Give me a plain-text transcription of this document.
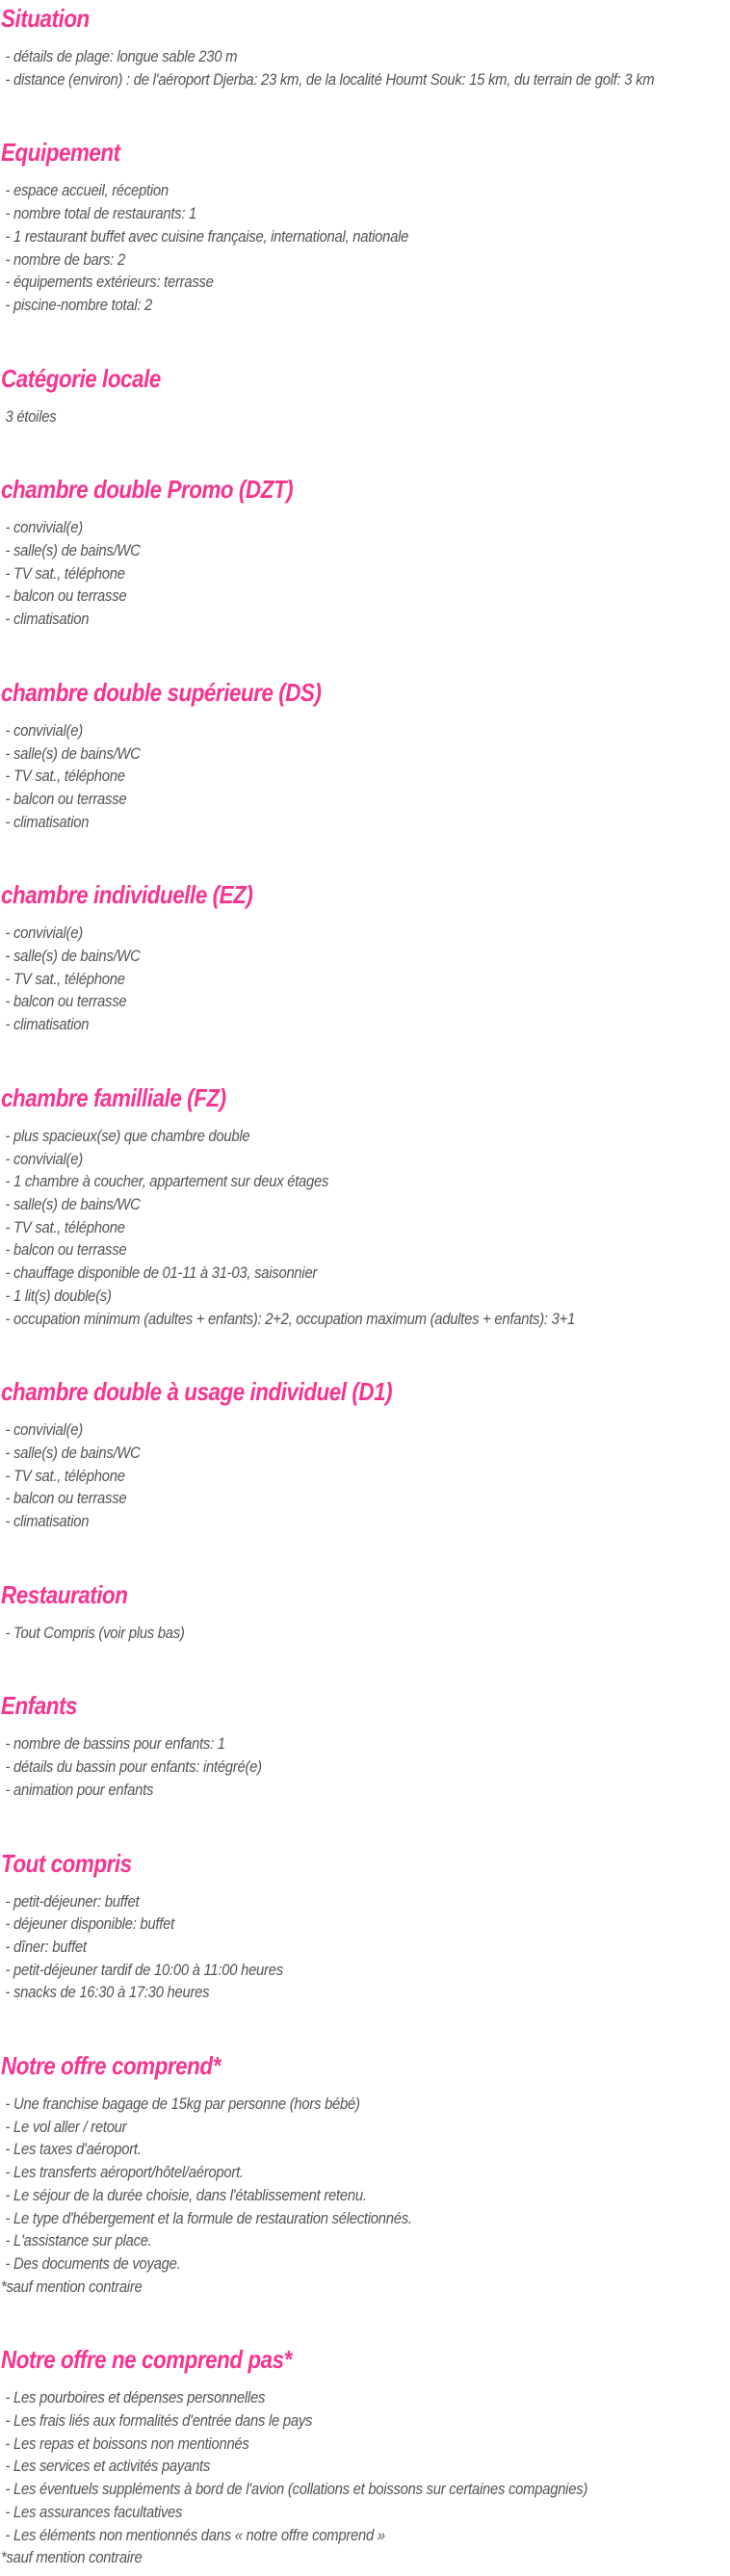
Situation

- détails de plage: longue sable 230 m

- distance (environ) : de l'aéroport Djerba: 23 km, de la localité Houmt Souk: 15 km, du terrain de golf: 3 km

Equipement

- espace accueil, réception

- nombre total de restaurants: 1

- 1 restaurant buffet avec cuisine française, international, nationale

- nombre de bars: 2

- équipements extérieurs: terrasse

- piscine-nombre total: 2

Catégorie locale

3 étoiles

chambre double Promo (DZT)

- convivial(e)

- salle(s) de bains/WC

- TV sat., téléphone

- balcon ou terrasse

- climatisation

chambre double supérieure (DS)

- convivial(e)

- salle(s) de bains/WC

- TV sat., téléphone

- balcon ou terrasse

- climatisation

chambre individuelle (EZ)

- convivial(e)

- salle(s) de bains/WC

- TV sat., téléphone

- balcon ou terrasse

- climatisation

chambre familliale (FZ)

- plus spacieux(se) que chambre double

- convivial(e)

- 1 chambre à coucher, appartement sur deux étages

- salle(s) de bains/WC

- TV sat., téléphone

- balcon ou terrasse

- chauffage disponible de 01-11 à 31-03, saisonnier

- 1 lit(s) double(s)

- occupation minimum (adultes + enfants): 2+2, occupation maximum (adultes + enfants): 3+1

chambre double à usage individuel (D1)

- convivial(e)

- salle(s) de bains/WC

- TV sat., téléphone

- balcon ou terrasse

- climatisation

Restauration

- Tout Compris (voir plus bas)

Enfants

- nombre de bassins pour enfants: 1

- détails du bassin pour enfants: intégré(e)

- animation pour enfants

Tout compris

- petit-déjeuner: buffet

- déjeuner disponible: buffet

- dîner: buffet

- petit-déjeuner tardif de 10:00 à 11:00 heures

- snacks de 16:30 à 17:30 heures

Notre offre comprend*

- Une franchise bagage de 15kg par personne (hors bébé)

- Le vol aller / retour

- Les taxes d'aéroport.

- Les transferts aéroport/hôtel/aéroport.

- Le séjour de la durée choisie, dans l'établissement retenu.

- Le type d'hébergement et la formule de restauration sélectionnés.

- L'assistance sur place.

- Des documents de voyage.

*sauf mention contraire

Notre offre ne comprend pas*

- Les pourboires et dépenses personnelles

- Les frais liés aux formalités d'entrée dans le pays

- Les repas et boissons non mentionnés

- Les services et activités payants

- Les éventuels suppléments à bord de l'avion (collations et boissons sur certaines compagnies)

- Les assurances facultatives

- Les éléments non mentionnés dans « notre offre comprend »

*sauf mention contraire
